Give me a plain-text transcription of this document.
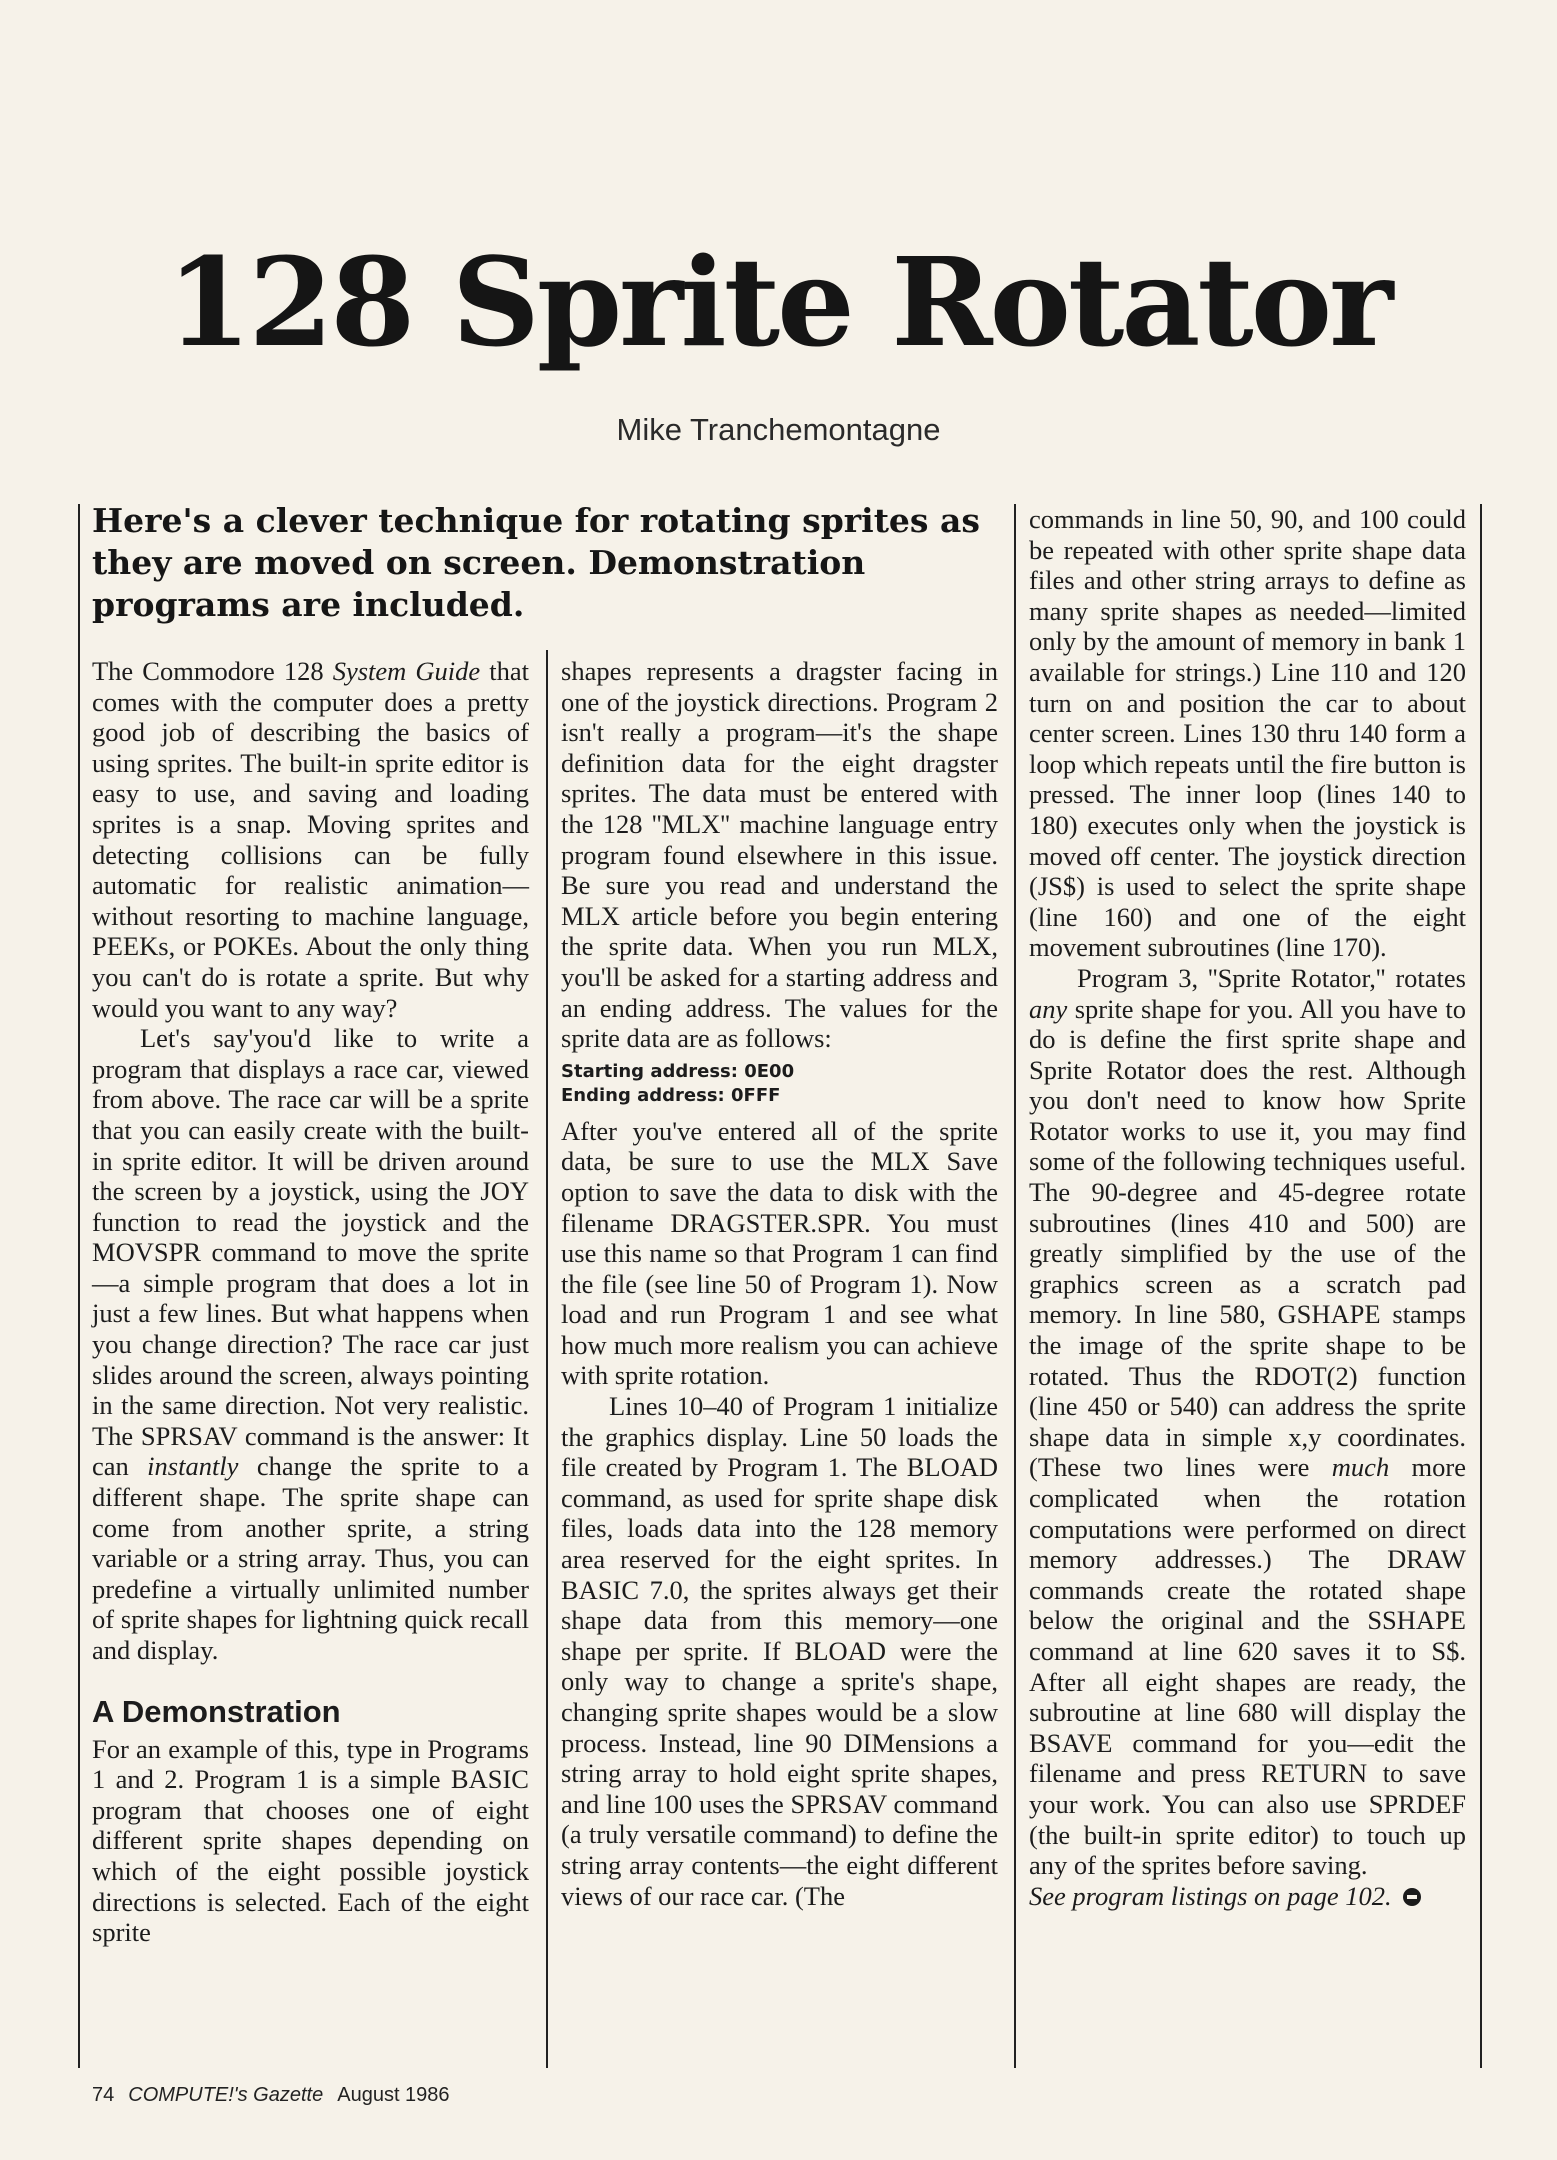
128 Sprite Rotator
Mike Tranchemontagne
Here's a clever technique for rotating sprites as they are moved on screen. Demonstration programs are included.

The Commodore 128 System Guide that comes with the computer does a pretty good job of describing the basics of using sprites. The built-in sprite editor is easy to use, and saving and loading sprites is a snap. Moving sprites and detecting collisions can be fully automatic for realistic animation—without resorting to machine language, PEEKs, or POKEs. About the only thing you can't do is rotate a sprite. But why would you want to any way?

Let's say'you'd like to write a program that displays a race car, viewed from above. The race car will be a sprite that you can easily create with the built-in sprite editor. It will be driven around the screen by a joystick, using the JOY function to read the joystick and the MOVSPR command to move the sprite—a simple program that does a lot in just a few lines. But what happens when you change direction? The race car just slides around the screen, always pointing in the same direction. Not very realistic. The SPRSAV command is the answer: It can instantly change the sprite to a different shape. The sprite shape can come from another sprite, a string variable or a string array. Thus, you can predefine a virtually unlimited number of sprite shapes for lightning quick recall and display.

A Demonstration

For an example of this, type in Programs 1 and 2. Program 1 is a simple BASIC program that chooses one of eight different sprite shapes depending on which of the eight possible joystick directions is selected. Each of the eight sprite

shapes represents a dragster facing in one of the joystick directions. Program 2 isn't really a program—it's the shape definition data for the eight dragster sprites. The data must be entered with the 128 ''MLX'' machine language entry program found elsewhere in this issue. Be sure you read and understand the MLX article before you begin entering the sprite data. When you run MLX, you'll be asked for a starting address and an ending address. The values for the sprite data are as follows:

Starting address: 0E00
Ending address: 0FFF

After you've entered all of the sprite data, be sure to use the MLX Save option to save the data to disk with the filename DRAGSTER.SPR. You must use this name so that Program 1 can find the file (see line 50 of Program 1). Now load and run Program 1 and see what how much more realism you can achieve with sprite rotation.

Lines 10–40 of Program 1 initialize the graphics display. Line 50 loads the file created by Program 1. The BLOAD command, as used for sprite shape disk files, loads data into the 128 memory area reserved for the eight sprites. In BASIC 7.0, the sprites always get their shape data from this memory—one shape per sprite. If BLOAD were the only way to change a sprite's shape, changing sprite shapes would be a slow process. Instead, line 90 DIMensions a string array to hold eight sprite shapes, and line 100 uses the SPRSAV command (a truly versatile command) to define the string array contents—the eight different views of our race car. (The

commands in line 50, 90, and 100 could be repeated with other sprite shape data files and other string arrays to define as many sprite shapes as needed—limited only by the amount of memory in bank 1 available for strings.) Line 110 and 120 turn on and position the car to about center screen. Lines 130 thru 140 form a loop which repeats until the fire button is pressed. The inner loop (lines 140 to 180) executes only when the joystick is moved off center. The joystick direction (JS$) is used to select the sprite shape (line 160) and one of the eight movement subroutines (line 170).

Program 3, ''Sprite Rotator,'' rotates any sprite shape for you. All you have to do is define the first sprite shape and Sprite Rotator does the rest. Although you don't need to know how Sprite Rotator works to use it, you may find some of the following techniques useful. The 90-degree and 45-degree rotate subroutines (lines 410 and 500) are greatly simplified by the use of the graphics screen as a scratch pad memory. In line 580, GSHAPE stamps the image of the sprite shape to be rotated. Thus the RDOT(2) function (line 450 or 540) can address the sprite shape data in simple x,y coordinates. (These two lines were much more complicated when the rotation computations were performed on direct memory addresses.) The DRAW commands create the rotated shape below the original and the SSHAPE command at line 620 saves it to S$. After all eight shapes are ready, the subroutine at line 680 will display the BSAVE command for you—edit the filename and press RETURN to save your work. You can also use SPRDEF (the built-in sprite editor) to touch up any of the sprites before saving.

See program listings on page 102.

74 COMPUTE!'s Gazette August 1986
